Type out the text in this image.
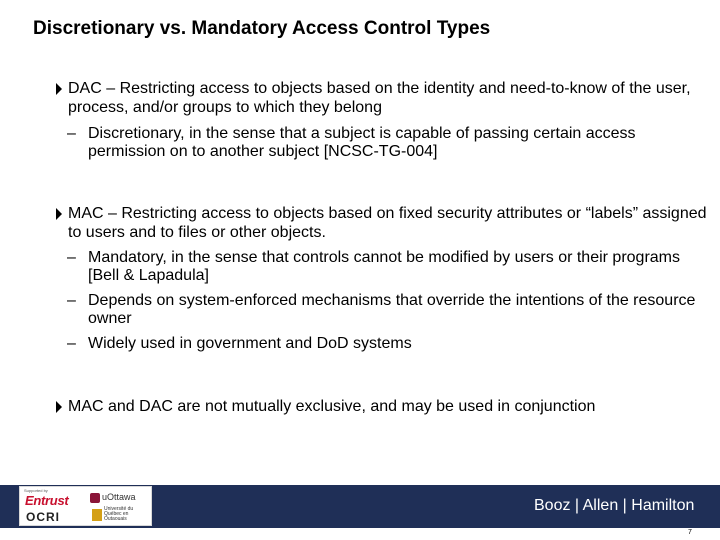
Discretionary vs. Mandatory Access Control Types
DAC – Restricting access to objects based on the identity and need-to-know of the user, process, and/or groups to which they belong
– Discretionary, in the sense that a subject is capable of passing certain access permission on to another subject [NCSC-TG-004]
MAC – Restricting access to objects based on fixed security attributes or “labels” assigned to users and to files or other objects.
– Mandatory, in the sense that controls cannot be modified by users or their programs [Bell & Lapadula]
– Depends on system-enforced mechanisms that override the intentions of the resource owner
– Widely used in government and DoD systems
MAC and DAC are not mutually exclusive, and may be used in conjunction
Supported by
Entrust
OCRI
uOttawa
Université du Québec en Outaouais
Booz | Allen | Hamilton
7
